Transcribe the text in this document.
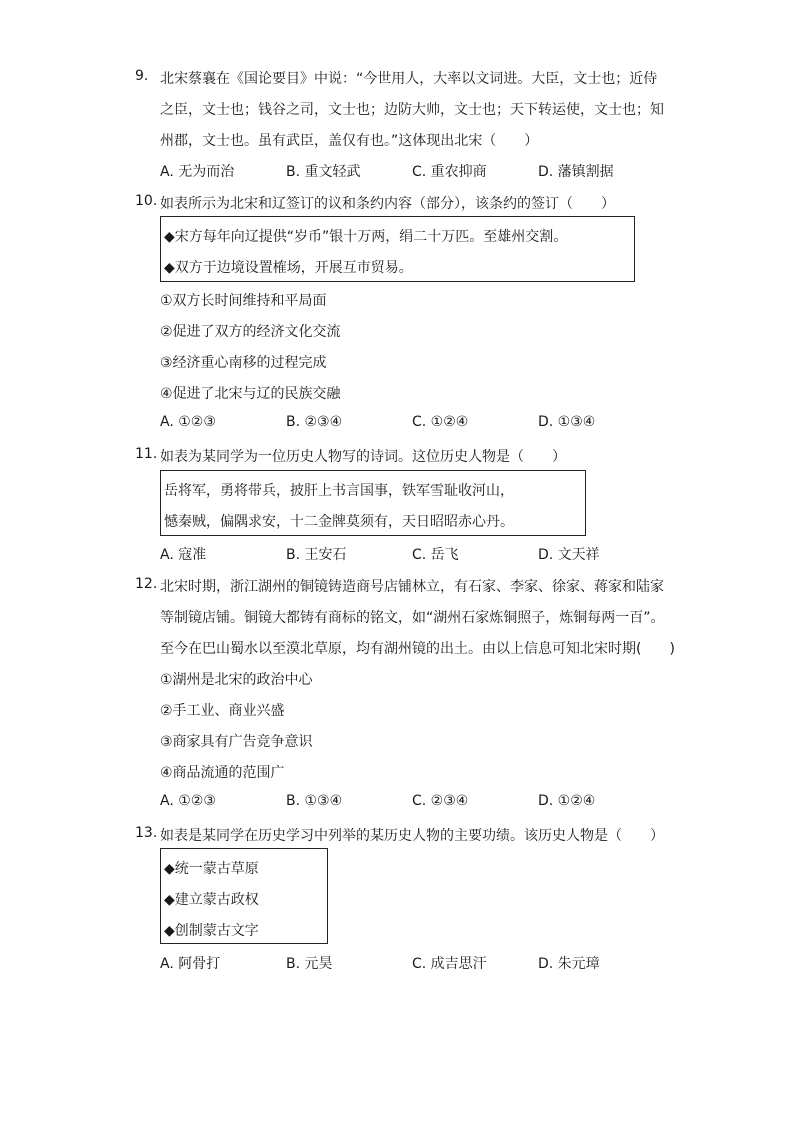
9. 北宋蔡襄在《国论要目》中说：“今世用人，大率以文词进。大臣，文士也；近侍
之臣，文士也；钱谷之司，文士也；边防大帅，文士也；天下转运使，文士也；知
州郡，文士也。虽有武臣，盖仅有也。”这体现出北宋（　　）
A. 无为而治	B. 重文轻武	C. 重农抑商	D. 藩镇割据
10. 如表所示为北宋和辽签订的议和条约内容（部分），该条约的签订（　　）
◆宋方每年向辽提供“岁币”银十万两，绢二十万匹。至雄州交割。
◆双方于边境设置榷场，开展互市贸易。
①双方长时间维持和平局面
②促进了双方的经济文化交流
③经济重心南移的过程完成
④促进了北宋与辽的民族交融
A. ①②③	B. ②③④	C. ①②④	D. ①③④
11. 如表为某同学为一位历史人物写的诗词。这位历史人物是（　　）
岳将军，勇将带兵，披肝上书言国事，铁军雪耻收河山，
憾秦贼，偏隅求安，十二金牌莫须有，天日昭昭赤心丹。
A. 寇准	B. 王安石	C. 岳飞	D. 文天祥
12. 北宋时期，浙江湖州的铜镜铸造商号店铺林立，有石家、李家、徐家、蒋家和陆家
等制镜店铺。铜镜大都铸有商标的铭文，如“湖州石家炼铜照子，炼铜每两一百”。
至今在巴山蜀水以至漠北草原，均有湖州镜的出土。由以上信息可知北宋时期(　　)
①湖州是北宋的政治中心
②手工业、商业兴盛
③商家具有广告竞争意识
④商品流通的范围广
A. ①②③	B. ①③④	C. ②③④	D. ①②④
13. 如表是某同学在历史学习中列举的某历史人物的主要功绩。该历史人物是（　　）
◆统一蒙古草原
◆建立蒙古政权
◆创制蒙古文字
A. 阿骨打	B. 元昊	C. 成吉思汗	D. 朱元璋
